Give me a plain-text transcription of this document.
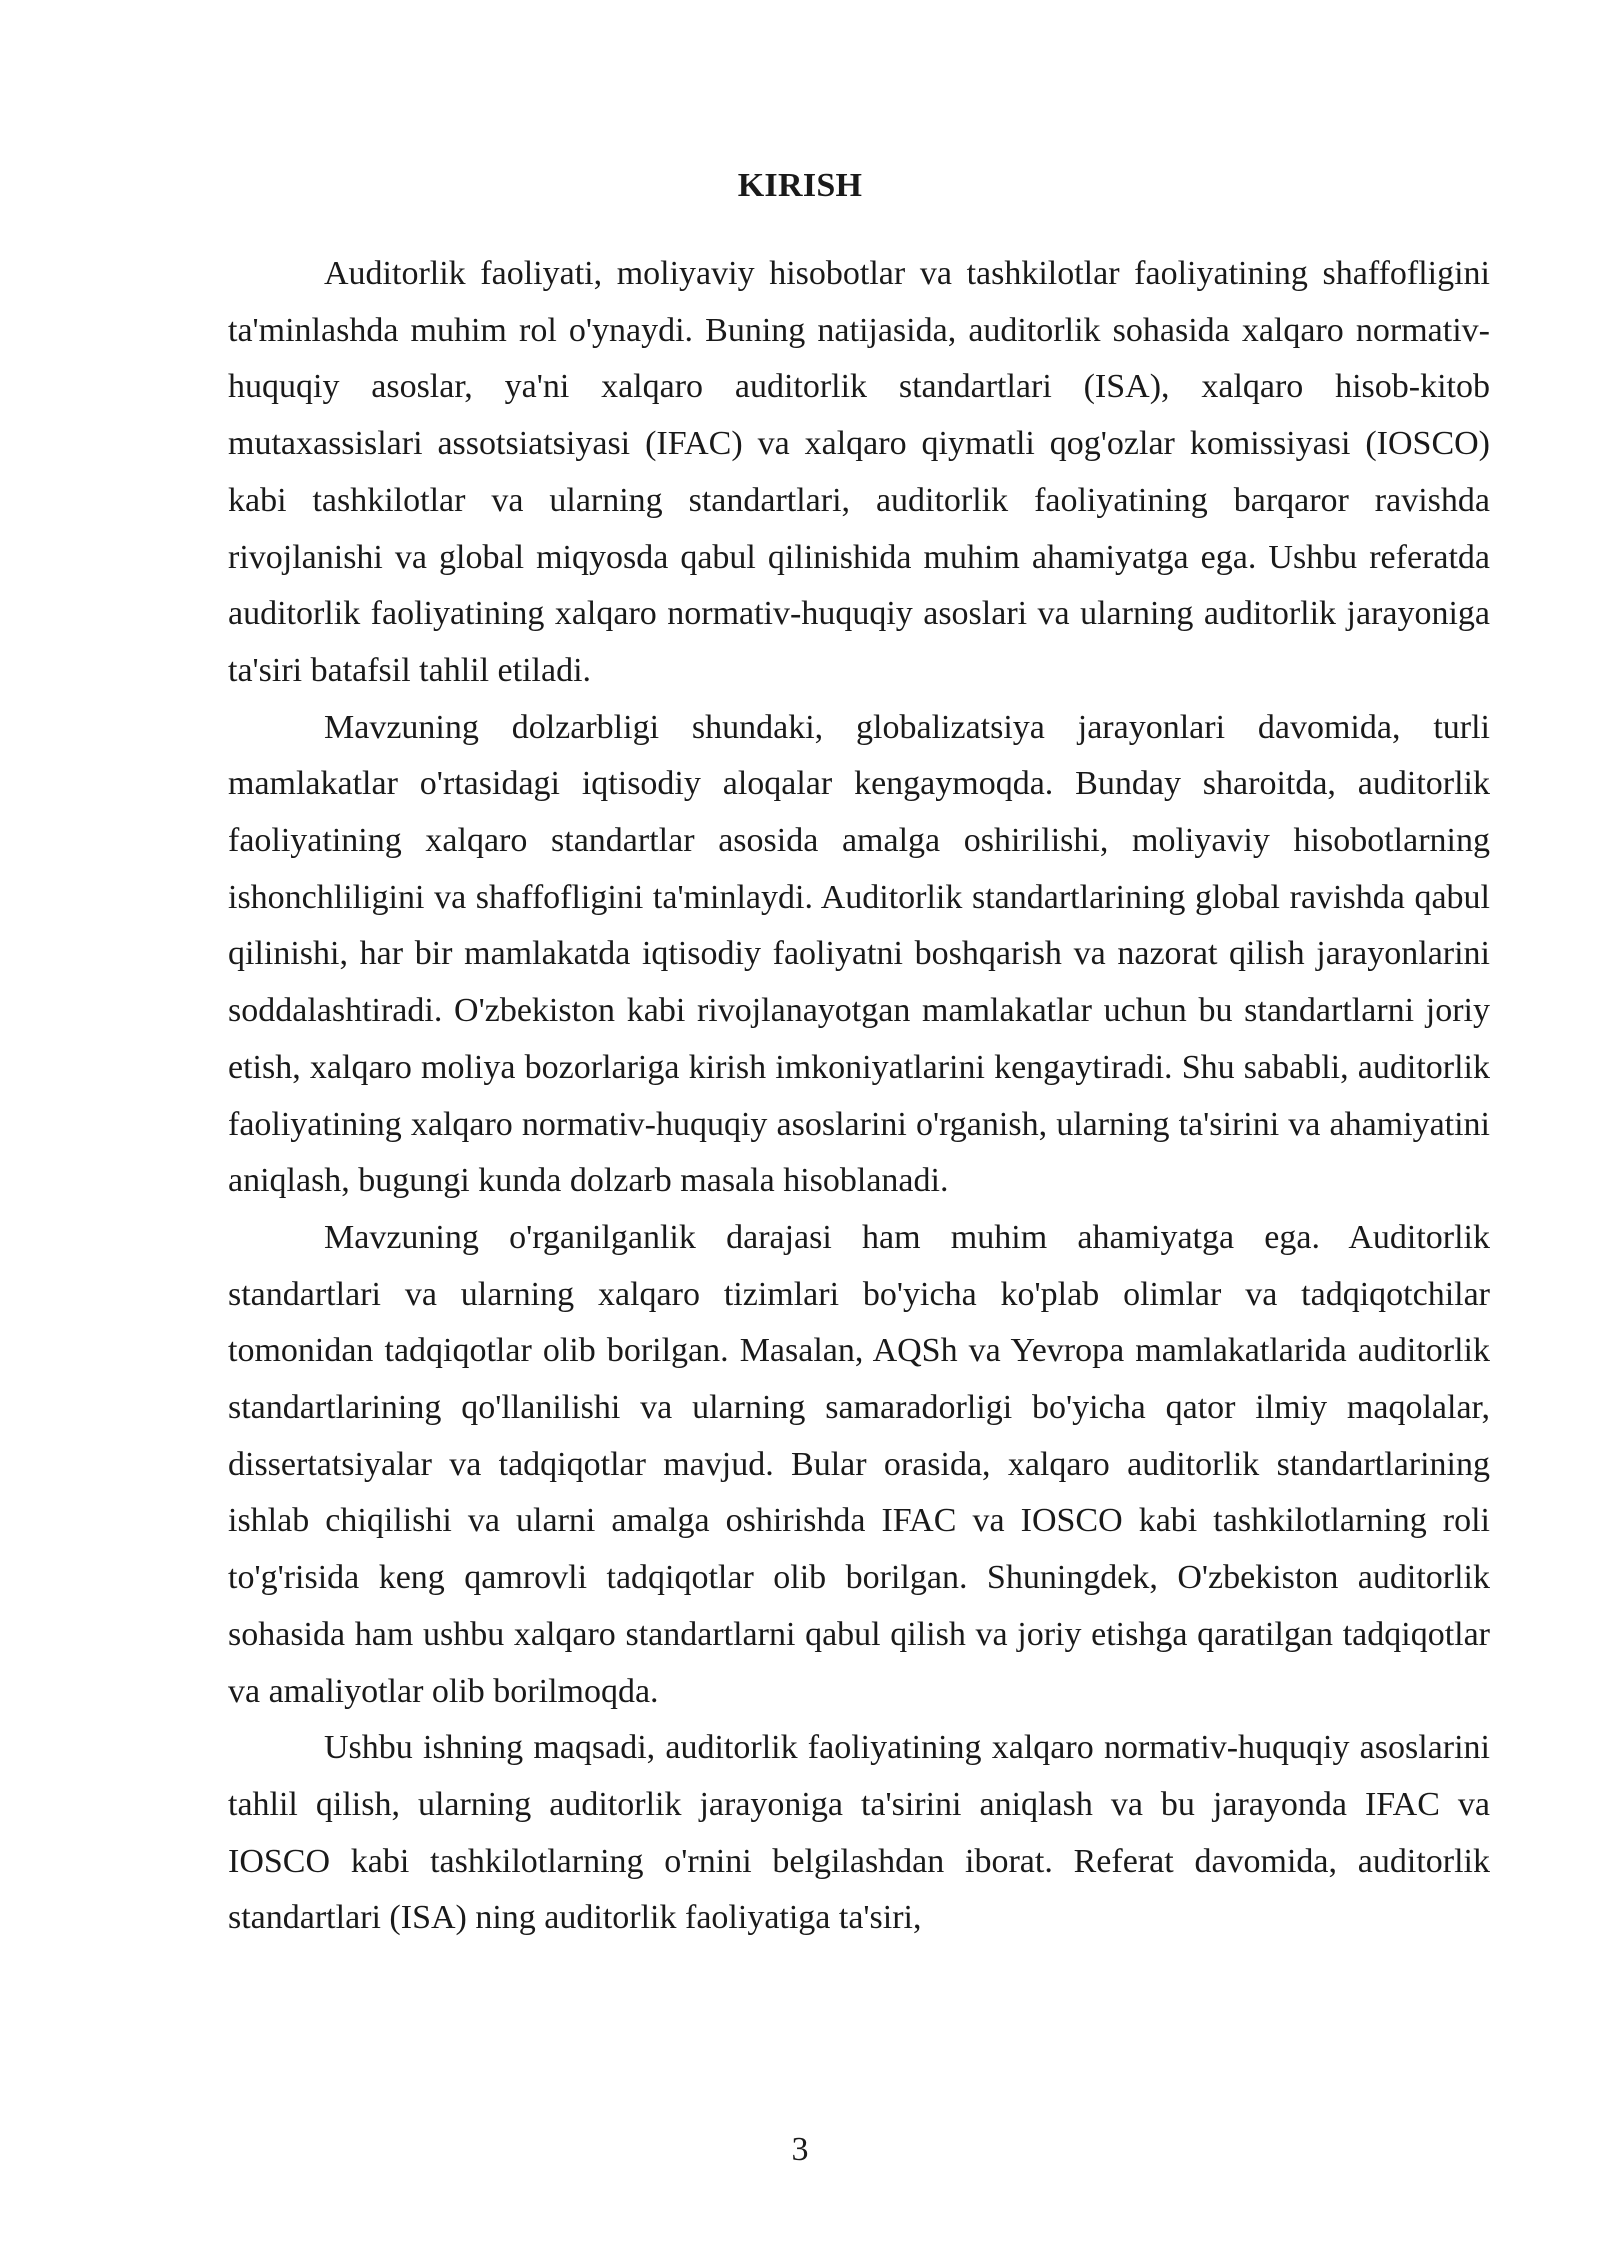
KIRISH

Auditorlik faoliyati, moliyaviy hisobotlar va tashkilotlar faoliyatining shaffofligini ta'minlashda muhim rol o'ynaydi. Buning natijasida, auditorlik sohasida xalqaro normativ-huquqiy asoslar, ya'ni xalqaro auditorlik standartlari (ISA), xalqaro hisob-kitob mutaxassislari assotsiatsiyasi (IFAC) va xalqaro qiymatli qog'ozlar komissiyasi (IOSCO) kabi tashkilotlar va ularning standartlari, auditorlik faoliyatining barqaror ravishda rivojlanishi va global miqyosda qabul qilinishida muhim ahamiyatga ega. Ushbu referatda auditorlik faoliyatining xalqaro normativ-huquqiy asoslari va ularning auditorlik jarayoniga ta'siri batafsil tahlil etiladi.

Mavzuning dolzarbligi shundaki, globalizatsiya jarayonlari davomida, turli mamlakatlar o'rtasidagi iqtisodiy aloqalar kengaymoqda. Bunday sharoitda, auditorlik faoliyatining xalqaro standartlar asosida amalga oshirilishi, moliyaviy hisobotlarning ishonchliligini va shaffofligini ta'minlaydi. Auditorlik standartlarining global ravishda qabul qilinishi, har bir mamlakatda iqtisodiy faoliyatni boshqarish va nazorat qilish jarayonlarini soddalashtiradi. O'zbekiston kabi rivojlanayotgan mamlakatlar uchun bu standartlarni joriy etish, xalqaro moliya bozorlariga kirish imkoniyatlarini kengaytiradi. Shu sababli, auditorlik faoliyatining xalqaro normativ-huquqiy asoslarini o'rganish, ularning ta'sirini va ahamiyatini aniqlash, bugungi kunda dolzarb masala hisoblanadi.

Mavzuning o'rganilganlik darajasi ham muhim ahamiyatga ega. Auditorlik standartlari va ularning xalqaro tizimlari bo'yicha ko'plab olimlar va tadqiqotchilar tomonidan tadqiqotlar olib borilgan. Masalan, AQSh va Yevropa mamlakatlarida auditorlik standartlarining qo'llanilishi va ularning samaradorligi bo'yicha qator ilmiy maqolalar, dissertatsiyalar va tadqiqotlar mavjud. Bular orasida, xalqaro auditorlik standartlarining ishlab chiqilishi va ularni amalga oshirishda IFAC va IOSCO kabi tashkilotlarning roli to'g'risida keng qamrovli tadqiqotlar olib borilgan. Shuningdek, O'zbekiston auditorlik sohasida ham ushbu xalqaro standartlarni qabul qilish va joriy etishga qaratilgan tadqiqotlar va amaliyotlar olib borilmoqda.

Ushbu ishning maqsadi, auditorlik faoliyatining xalqaro normativ-huquqiy asoslarini tahlil qilish, ularning auditorlik jarayoniga ta'sirini aniqlash va bu jarayonda IFAC va IOSCO kabi tashkilotlarning o'rnini belgilashdan iborat. Referat davomida, auditorlik standartlari (ISA) ning auditorlik faoliyatiga ta'siri,

3
